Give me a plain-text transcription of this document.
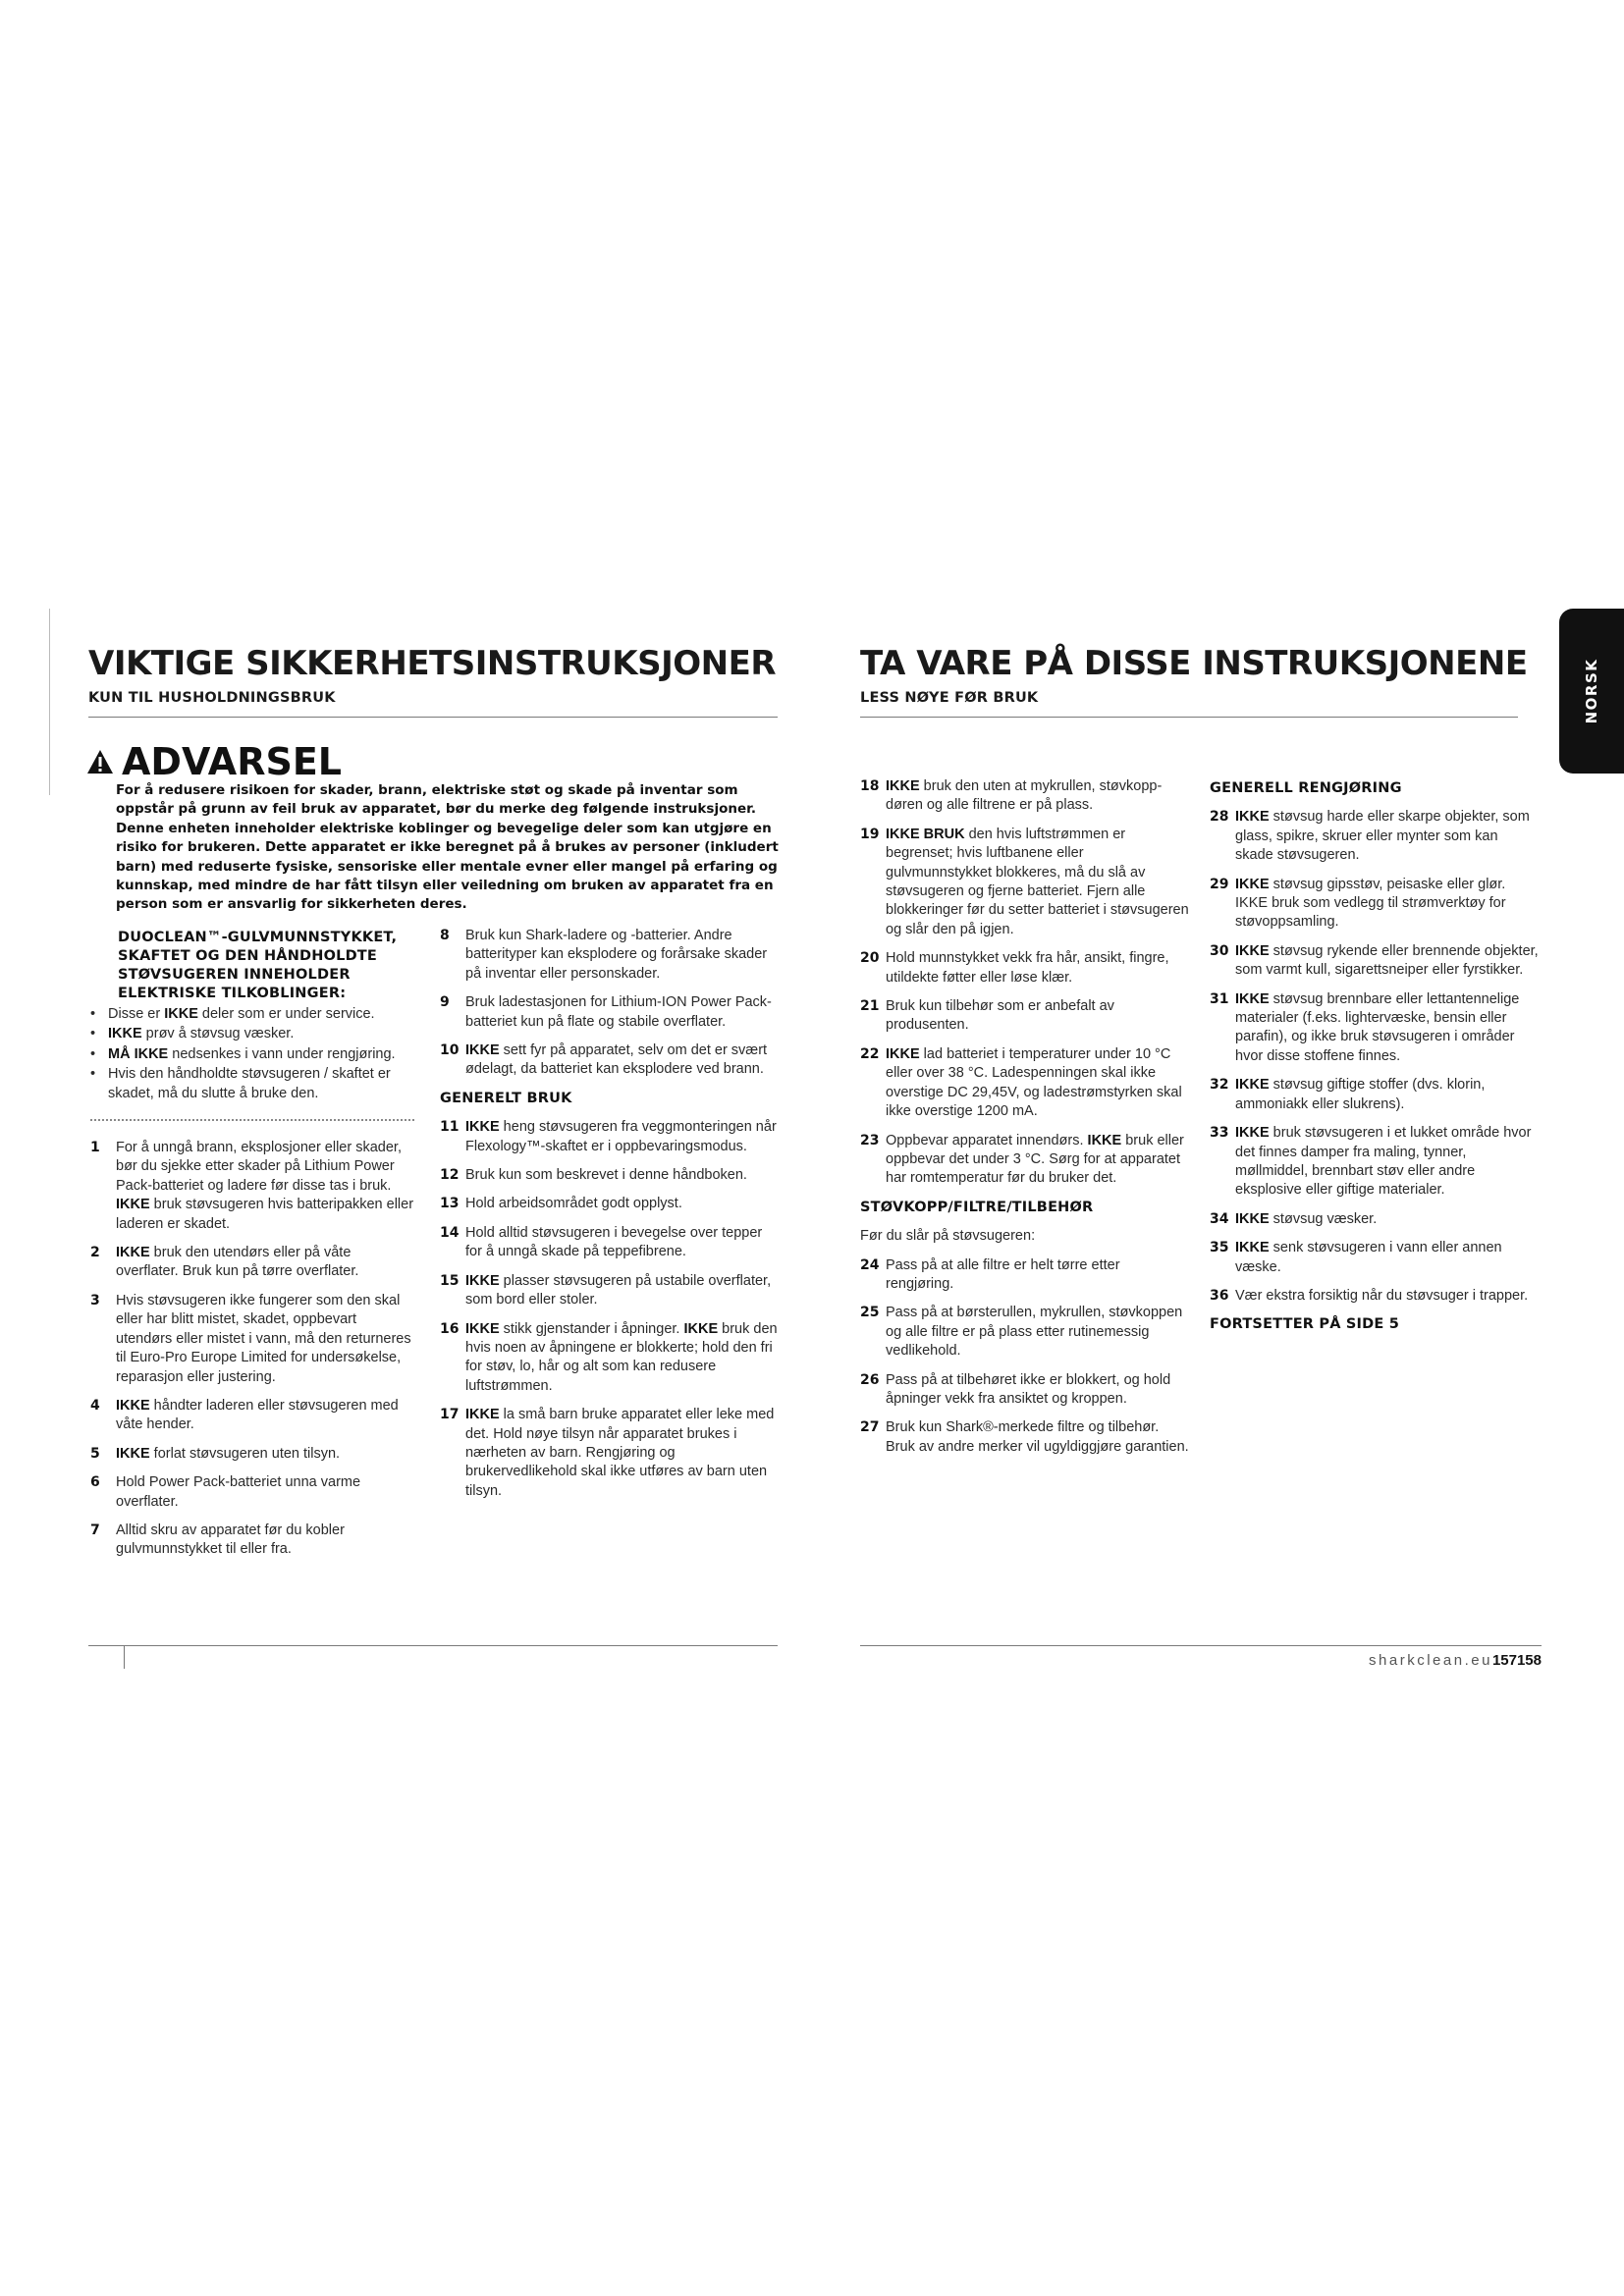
VIKTIGE SIKKERHETSINSTRUKSJONER
KUN TIL HUSHOLDNINGSBRUK
TA VARE PÅ DISSE INSTRUKSJONENE
LESS NØYE FØR BRUK	NORSK
ADVARSEL
For å redusere risikoen for skader, brann, elektriske støt og skade på inventar som oppstår på grunn av feil bruk av apparatet, bør du merke deg følgende instruksjoner. Denne enheten inneholder elektriske koblinger og bevegelige deler som kan utgjøre en risiko for brukeren. Dette apparatet er ikke beregnet på å brukes av personer (inkludert barn) med reduserte fysiske, sensoriske eller mentale evner eller mangel på erfaring og kunnskap, med mindre de har fått tilsyn eller veiledning om bruken av apparatet fra en person som er ansvarlig for sikkerheten deres.
DUOCLEAN™-GULVMUNNSTYKKET, SKAFTET OG DEN HÅNDHOLDTE STØVSUGEREN INNEHOLDER ELEKTRISKE TILKOBLINGER:
• Disse er IKKE deler som er under service.
• IKKE prøv å støvsug væsker.
• MÅ IKKE nedsenkes i vann under rengjøring.
• Hvis den håndholdte støvsugeren / skaftet er skadet, må du slutte å bruke den.
1	For å unngå brann, eksplosjoner eller skader, bør du sjekke etter skader på Lithium Power Pack-batteriet og ladere før disse tas i bruk. IKKE bruk støvsugeren hvis batteripakken eller laderen er skadet.
2	IKKE bruk den utendørs eller på våte overflater. Bruk kun på tørre overflater.
3	Hvis støvsugeren ikke fungerer som den skal eller har blitt mistet, skadet, oppbevart utendørs eller mistet i vann, må den returneres til Euro-Pro Europe Limited for undersøkelse, reparasjon eller justering.
4	IKKE håndter laderen eller støvsugeren med våte hender.
5	IKKE forlat støvsugeren uten tilsyn.
6	Hold Power Pack-batteriet unna varme overflater.
7	Alltid skru av apparatet før du kobler gulvmunnstykket til eller fra.
8	Bruk kun Shark-ladere og -batterier. Andre batterityper kan eksplodere og forårsake skader på inventar eller personskader.
9	Bruk ladestasjonen for Lithium-ION Power Pack-batteriet kun på flate og stabile overflater.
10 IKKE sett fyr på apparatet, selv om det er svært ødelagt, da batteriet kan eksplodere ved brann.
GENERELT BRUK
11 IKKE heng støvsugeren fra veggmonteringen når Flexology™-skaftet er i oppbevaringsmodus.
12 Bruk kun som beskrevet i denne håndboken.
13 Hold arbeidsområdet godt opplyst.
14 Hold alltid støvsugeren i bevegelse over tepper for å unngå skade på teppefibrene.
15 IKKE plasser støvsugeren på ustabile overflater, som bord eller stoler.
16 IKKE stikk gjenstander i åpninger. IKKE bruk den hvis noen av åpningene er blokkerte; hold den fri for støv, lo, hår og alt som kan redusere luftstrømmen.
17 IKKE la små barn bruke apparatet eller leke med det. Hold nøye tilsyn når apparatet brukes i nærheten av barn. Rengjøring og brukervedlikehold skal ikke utføres av barn uten tilsyn.
18 IKKE bruk den uten at mykrullen, støvkopp-døren og alle filtrene er på plass.
19 IKKE BRUK den hvis luftstrømmen er begrenset; hvis luftbanene eller gulvmunnstykket blokkeres, må du slå av støvsugeren og fjerne batteriet. Fjern alle blokkeringer før du setter batteriet i støvsugeren og slår den på igjen.
20 Hold munnstykket vekk fra hår, ansikt, fingre, utildekte føtter eller løse klær.
21 Bruk kun tilbehør som er anbefalt av produsenten.
22 IKKE lad batteriet i temperaturer under 10 °C eller over 38 °C. Ladespenningen skal ikke overstige DC 29,45V, og ladestrømstyrken skal ikke overstige 1200 mA.
23 Oppbevar apparatet innendørs. IKKE bruk eller oppbevar det under 3 °C. Sørg for at apparatet har romtemperatur før du bruker det.
STØVKOPP/FILTRE/TILBEHØR
Før du slår på støvsugeren:
24 Pass på at alle filtre er helt tørre etter rengjøring.
25 Pass på at børsterullen, mykrullen, støvkoppen og alle filtre er på plass etter rutinemessig vedlikehold.
26 Pass på at tilbehøret ikke er blokkert, og hold åpninger vekk fra ansiktet og kroppen.
27 Bruk kun Shark®-merkede filtre og tilbehør. Bruk av andre merker vil ugyldiggjøre garantien.
GENERELL RENGJØRING
28 IKKE støvsug harde eller skarpe objekter, som glass, spikre, skruer eller mynter som kan skade støvsugeren.
29 IKKE støvsug gipsstøv, peisaske eller glør. IKKE bruk som vedlegg til strømverktøy for støvoppsamling.
30 IKKE støvsug rykende eller brennende objekter, som varmt kull, sigarettsneiper eller fyrstikker.
31 IKKE støvsug brennbare eller lettantennelige materialer (f.eks. lightervæske, bensin eller parafin), og ikke bruk støvsugeren i områder hvor disse stoffene finnes.
32 IKKE støvsug giftige stoffer (dvs. klorin, ammoniakk eller slukrens).
33 IKKE bruk støvsugeren i et lukket område hvor det finnes damper fra maling, tynner, møllmiddel, brennbart støv eller andre eksplosive eller giftige materialer.
34 IKKE støvsug væsker.
35 IKKE senk støvsugeren i vann eller annen væske.
36 Vær ekstra forsiktig når du støvsuger i trapper.
FORTSETTER PÅ SIDE 5
sharkclean.eu157158
